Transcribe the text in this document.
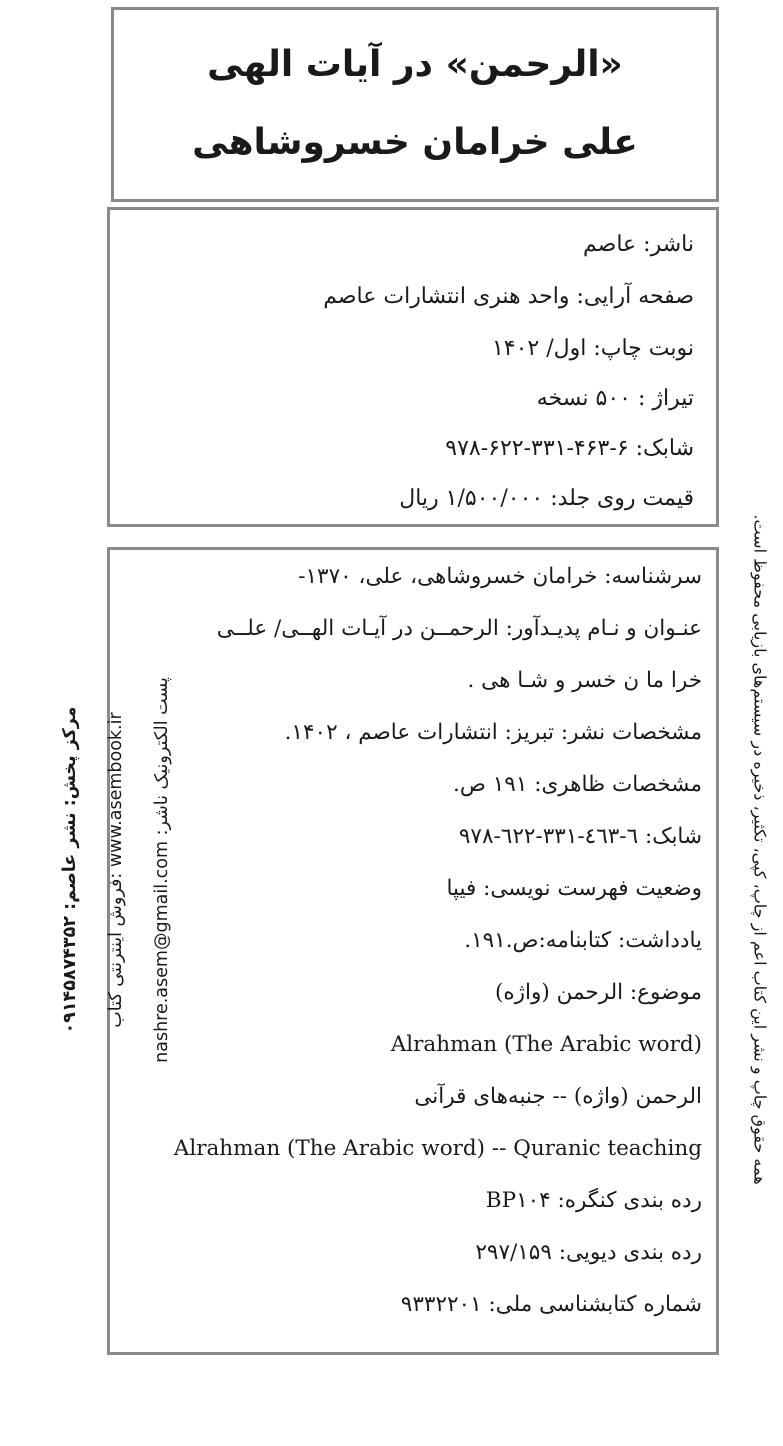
«الرحمن» در آیات الهی
علی خرامان خسروشاهی
ناشر: عاصم
صفحه آرایی: واحد هنری انتشارات عاصم
نوبت چاپ: اول/ ۱۴۰۲
تیراژ : ۵۰۰ نسخه
شابک: ۶-۴۶۳-۳۳۱-۶۲۲-۹۷۸
قیمت روی جلد: ۱/۵۰۰/۰۰۰ ریال
سرشناسه: خرامان خسروشاهی، علی، ۱۳۷۰-
عنـوان و نـام پدیـدآور: الرحمــن در آیـات الهــی/ علــی
خرا ما ن خسر و شـا هی .
مشخصات نشر: تبریز: انتشارات عاصم ، ۱۴۰۲.
مشخصات ظاهری: ۱۹۱ ص.
شابک: ٦-٤٦٣-٣٣١-٦٢٢-٩٧٨
وضعیت فهرست نویسی: فیپا
یادداشت: کتابنامه:ص.۱۹۱.
موضوع: الرحمن (واژه)
(Alrahman (The Arabic word
الرحمن (واژه) -- جنبه‌های قرآنی
Alrahman (The Arabic word) -- Quranic teaching
رده بندی کنگره: BP۱۰۴
رده بندی دیویی: ۲۹۷/۱۵۹
شماره کتابشناسی ملی: ۹۳۳۲۲۰۱
مرکز پخش: نشر عاصم: ۰۹۱۴۵۸۷۴۳۵۲
www.asembook.ir :فروش اینترنتی کتاب
پست الکترونیک ناشر: nashre.asem@gmail.com	همه حقوق چاپ و نشر این کتاب اعم از چاپ، کپی، تکثیر، ذخیره در سیستم‌های بازیابی محفوظ است.
